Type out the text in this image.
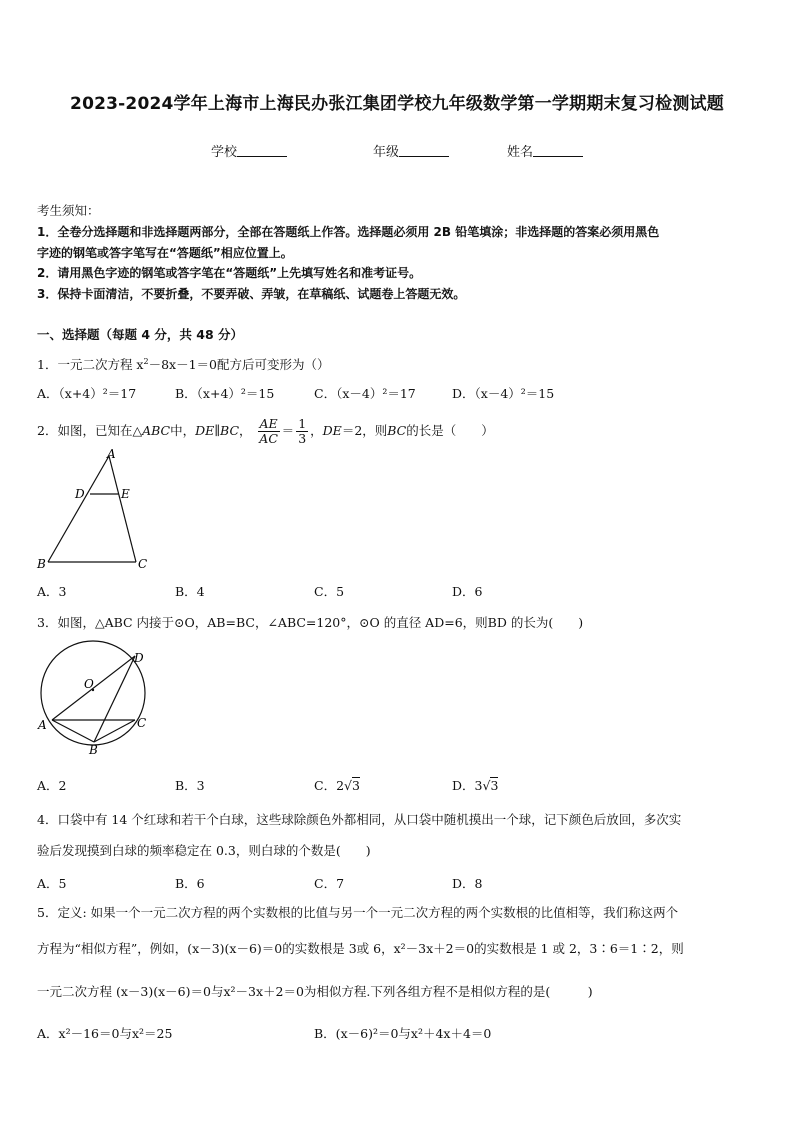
2023-2024学年上海市上海民办张江集团学校九年级数学第一学期期末复习检测试题
学校	年级	姓名
考生须知：
1．全卷分选择题和非选择题两部分，全部在答题纸上作答。选择题必须用 2B 铅笔填涂；非选择题的答案必须用黑色
字迹的钢笔或答字笔写在“答题纸”相应位置上。
2．请用黑色字迹的钢笔或答字笔在“答题纸”上先填写姓名和准考证号。
3．保持卡面清洁，不要折叠，不要弄破、弄皱，在草稿纸、试题卷上答题无效。
一、选择题（每题 4 分，共 48 分）
1．一元二次方程 $x^2-8x-1=0$配方后可变形为（）
A．（x+4）²＝17	B．（x+4）²＝15	C．（x－4）²＝17	D．（x－4）²＝15
2．如图，已知在△ABC中，DE∥BC， $\frac{AE}{AC} = \frac{1}{3}$ ，DE＝2，则BC的长是（　　）
A
D	E
B	C
A．3	B．4	C．5	D．6
3．如图，△ABC 内接于⊙O，AB=BC，∠ABC=120°，⊙O 的直径 AD=6，则BD 的长为(　　)
D
O
A	C
B
A．2	B．3	C．2√3	D．3√3
4．口袋中有 14 个红球和若干个白球，这些球除颜色外都相同，从口袋中随机摸出一个球，记下颜色后放回，多次实
验后发现摸到白球的频率稳定在 0.3，则白球的个数是(　　)
A．5	B．6	C．7	D．8
5．定义: 如果一个一元二次方程的两个实数根的比值与另一个一元二次方程的两个实数根的比值相等，我们称这两个
方程为“相似方程”，例如，(x－3)(x－6)＝0的实数根是 3或 6，x²－3x＋2＝0的实数根是 1 或 2，3∶6＝1∶2，则
一元二次方程 (x－3)(x－6)＝0与x²－3x＋2＝0为相似方程.下列各组方程不是相似方程的是(　　　)
A．x²－16＝0与x²＝25	B．(x－6)²＝0与x²＋4x＋4＝0
